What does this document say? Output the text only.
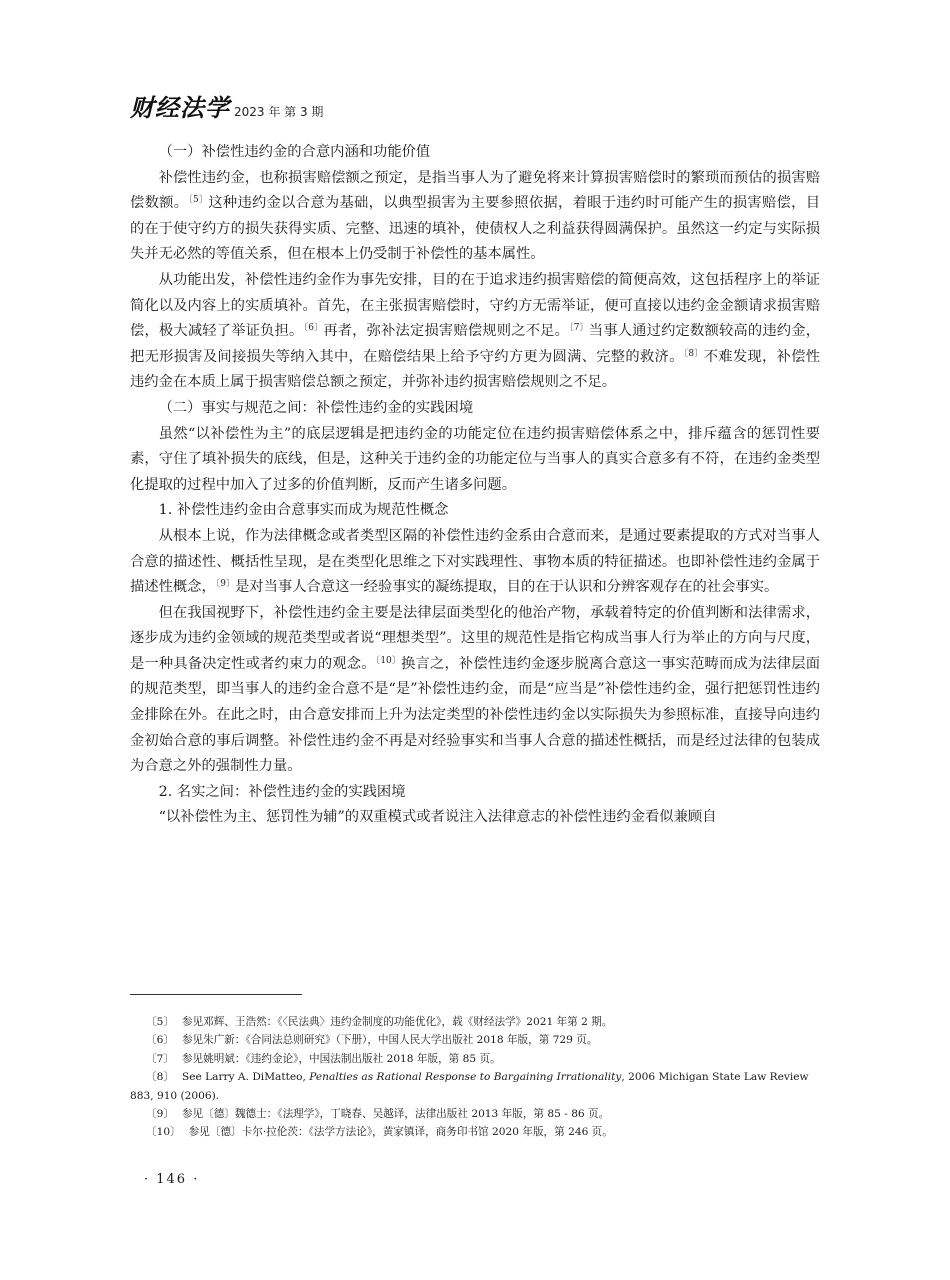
财经法学 2023 年 第 3 期

（一）补偿性违约金的合意内涵和功能价值

补偿性违约金，也称损害赔偿额之预定，是指当事人为了避免将来计算损害赔偿时的繁琐而预估的损害赔偿数额。$^{〔5〕}$这种违约金以合意为基础，以典型损害为主要参照依据，着眼于违约时可能产生的损害赔偿，目的在于使守约方的损失获得实质、完整、迅速的填补，使债权人之利益获得圆满保护。虽然这一约定与实际损失并无必然的等值关系，但在根本上仍受制于补偿性的基本属性。

从功能出发，补偿性违约金作为事先安排，目的在于追求违约损害赔偿的简便高效，这包括程序上的举证简化以及内容上的实质填补。首先，在主张损害赔偿时，守约方无需举证，便可直接以违约金金额请求损害赔偿，极大减轻了举证负担。$^{〔6〕}$再者，弥补法定损害赔偿规则之不足。$^{〔7〕}$当事人通过约定数额较高的违约金，把无形损害及间接损失等纳入其中，在赔偿结果上给予守约方更为圆满、完整的救济。$^{〔8〕}$不难发现，补偿性违约金在本质上属于损害赔偿总额之预定，并弥补违约损害赔偿规则之不足。

（二）事实与规范之间：补偿性违约金的实践困境

虽然“以补偿性为主”的底层逻辑是把违约金的功能定位在违约损害赔偿体系之中，排斥蕴含的惩罚性要素，守住了填补损失的底线，但是，这种关于违约金的功能定位与当事人的真实合意多有不符，在违约金类型化提取的过程中加入了过多的价值判断，反而产生诸多问题。

1. 补偿性违约金由合意事实而成为规范性概念

从根本上说，作为法律概念或者类型区隔的补偿性违约金系由合意而来，是通过要素提取的方式对当事人合意的描述性、概括性呈现，是在类型化思维之下对实践理性、事物本质的特征描述。也即补偿性违约金属于描述性概念，$^{〔9〕}$是对当事人合意这一经验事实的凝练提取，目的在于认识和分辨客观存在的社会事实。

但在我国视野下，补偿性违约金主要是法律层面类型化的他治产物，承载着特定的价值判断和法律需求，逐步成为违约金领域的规范类型或者说“理想类型”。这里的规范性是指它构成当事人行为举止的方向与尺度，是一种具备决定性或者约束力的观念。$^{〔10〕}$换言之，补偿性违约金逐步脱离合意这一事实范畴而成为法律层面的规范类型，即当事人的违约金合意不是“是”补偿性违约金，而是“应当是”补偿性违约金，强行把惩罚性违约金排除在外。在此之时，由合意安排而上升为法定类型的补偿性违约金以实际损失为参照标准，直接导向违约金初始合意的事后调整。补偿性违约金不再是对经验事实和当事人合意的描述性概括，而是经过法律的包装成为合意之外的强制性力量。

2. 名实之间：补偿性违约金的实践困境

“以补偿性为主、惩罚性为辅”的双重模式或者说注入法律意志的补偿性违约金看似兼顾自

〔5〕 参见邓辉、王浩然：《〈民法典〉违约金制度的功能优化》，载《财经法学》2021 年第 2 期。

〔6〕 参见朱广新：《合同法总则研究》（下册），中国人民大学出版社 2018 年版，第 729 页。

〔7〕 参见姚明斌：《违约金论》，中国法制出版社 2018 年版，第 85 页。

〔8〕 See Larry A. DiMatteo, Penalties as Rational Response to Bargaining Irrationality, 2006 Michigan State Law Review 883, 910 (2006).

〔9〕 参见〔德〕魏德士：《法理学》，丁晓春、吴越译，法律出版社 2013 年版，第 85 - 86 页。

〔10〕 参见〔德〕卡尔·拉伦茨：《法学方法论》，黄家镇译，商务印书馆 2020 年版，第 246 页。

· 146 ·
